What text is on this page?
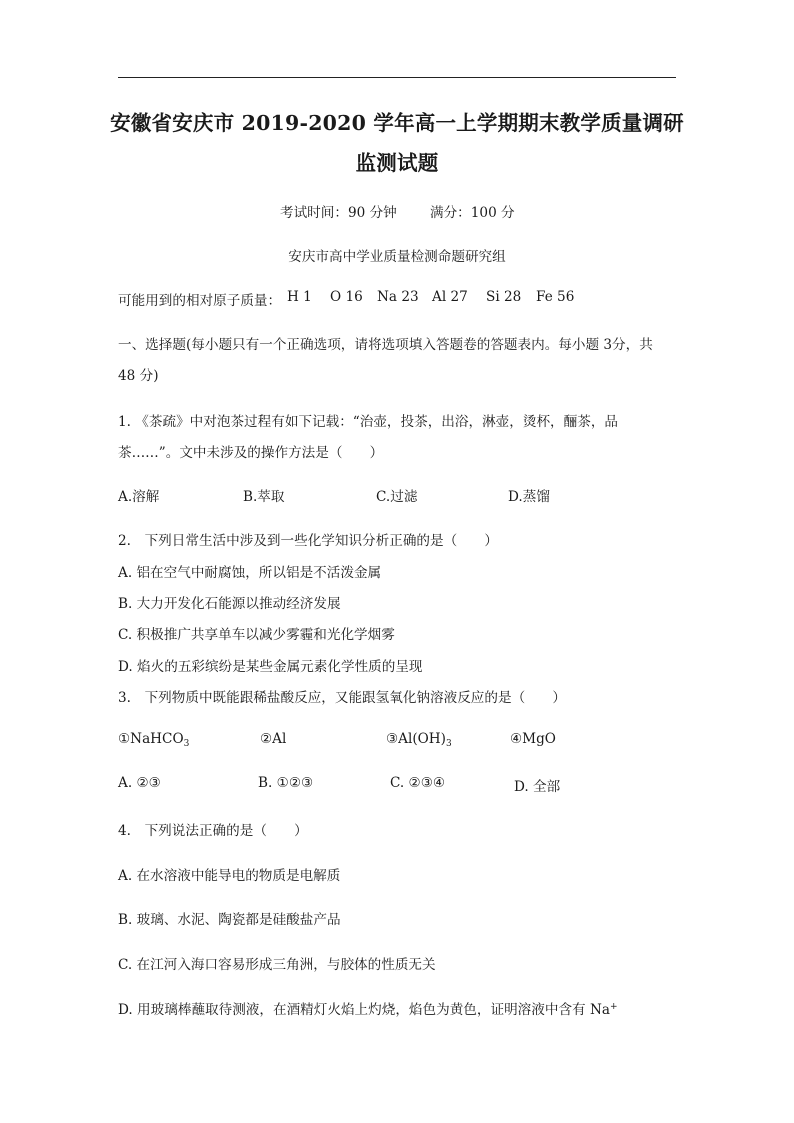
安徽省安庆市 2019-2020 学年高一上学期期末教学质量调研
监测试题
考试时间：90 分钟 满分：100 分
安庆市高中学业质量检测命题研究组
可能用到的相对原子质量： H 1 O 16 Na 23 Al 27 Si 28 Fe 56
一、选择题(每小题只有一个正确选项，请将选项填入答题卷的答题表内。每小题 3分，共
48 分)
1. 《茶疏》中对泡茶过程有如下记载：“治壶，投茶，出浴，淋壶，烫杯，酾茶，品
茶……”。文中未涉及的操作方法是（　　）
A.溶解	B.萃取	C.过滤	D.蒸馏
2.　下列日常生活中涉及到一些化学知识分析正确的是（　　）
A. 铝在空气中耐腐蚀，所以铝是不活泼金属
B. 大力开发化石能源以推动经济发展
C. 积极推广共享单车以减少雾霾和光化学烟雾
D. 焰火的五彩缤纷是某些金属元素化学性质的呈现
3.　下列物质中既能跟稀盐酸反应，又能跟氢氧化钠溶液反应的是（　　）
①NaHCO$_3$	②Al	$③Al(OH)_3$	④MgO
A. ②③	B. ①②③	C. ②③④	D. 全部
4.　下列说法正确的是（　　）
A. 在水溶液中能导电的物质是电解质
B. 玻璃、水泥、陶瓷都是硅酸盐产品
C. 在江河入海口容易形成三角洲，与胶体的性质无关
D. 用玻璃棒蘸取待测液，在酒精灯火焰上灼烧，焰色为黄色，证明溶液中含有 Na+
